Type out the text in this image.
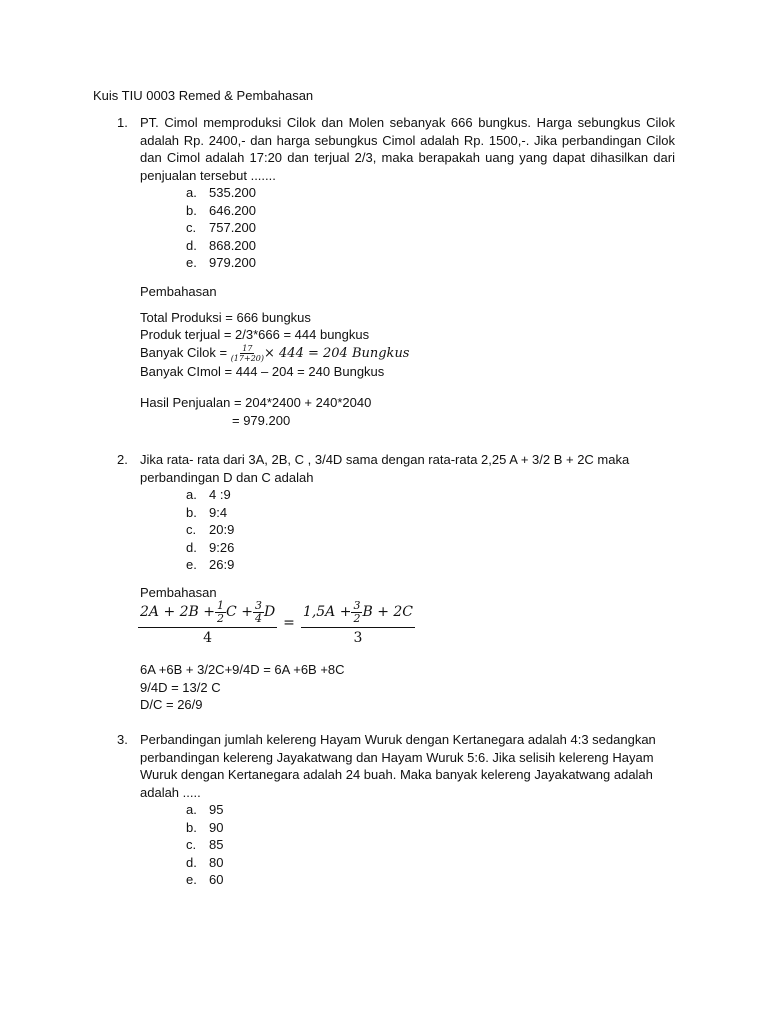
Kuis TIU 0003 Remed & Pembahasan
1. PT. Cimol memproduksi Cilok dan Molen sebanyak 666 bungkus. Harga sebungkus Cilok adalah Rp. 2400,- dan harga sebungkus Cimol adalah Rp. 1500,-. Jika perbandingan Cilok dan Cimol adalah 17:20 dan terjual 2/3, maka berapakah uang yang dapat dihasilkan dari penjualan tersebut .......
a. 535.200
b. 646.200
c. 757.200
d. 868.200
e. 979.200
Pembahasan
Total Produksi = 666 bungkus
Produk terjual = 2/3*666 = 444 bungkus
Banyak Cilok = $\frac{17}{(17+20)} \times 444 = 204$ Bungkus
Banyak CImol = 444 – 204 = 240 Bungkus
Hasil Penjualan = 204*2400 + 240*2040
= 979.200
2. Jika rata- rata dari 3A, 2B, C , 3/4D sama dengan rata-rata 2,25 A + 3/2 B + 2C maka perbandingan D dan C adalah
a. 4 :9
b. 9:4
c. 20:9
d. 9:26
e. 26:9
Pembahasan
$\frac{2A + 2B + \frac{1}{2} C + \frac{3}{4} D}{4} = \frac{1,5A + \frac{3}{2} B + 2C}{3}$
6A +6B + 3/2C+9/4D = 6A +6B +8C
9/4D = 13/2 C
D/C = 26/9
3. Perbandingan jumlah kelereng Hayam Wuruk dengan Kertanegara adalah 4:3 sedangkan perbandingan kelereng Jayakatwang dan Hayam Wuruk 5:6. Jika selisih kelereng Hayam Wuruk dengan Kertanegara adalah 24 buah. Maka banyak kelereng Jayakatwang adalah adalah .....
a. 95
b. 90
c. 85
d. 80
e. 60
